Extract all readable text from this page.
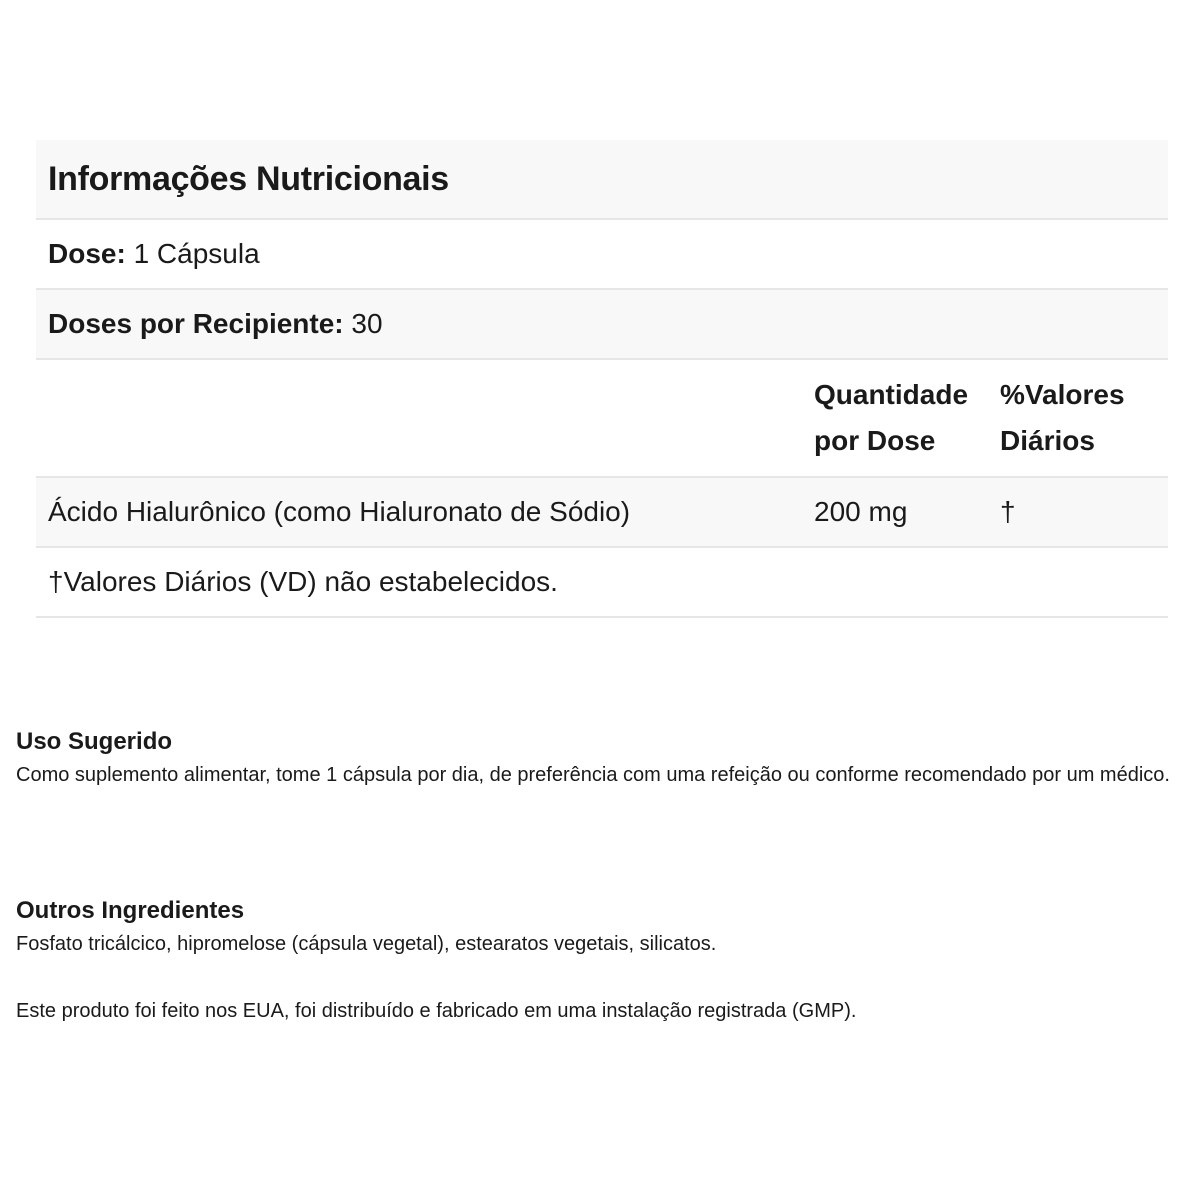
Informações Nutricionais
Dose: 1 Cápsula
Doses por Recipiente: 30
Quantidade
por Dose
%Valores
Diários
Ácido Hialurônico (como Hialuronato de Sódio)	200 mg	†
†Valores Diários (VD) não estabelecidos.
Uso Sugerido

Como suplemento alimentar, tome 1 cápsula por dia, de preferência com uma refeição ou conforme recomendado por um médico.

Outros Ingredientes

Fosfato tricálcico, hipromelose (cápsula vegetal), estearatos vegetais, silicatos.

Este produto foi feito nos EUA, foi distribuído e fabricado em uma instalação registrada (GMP).
